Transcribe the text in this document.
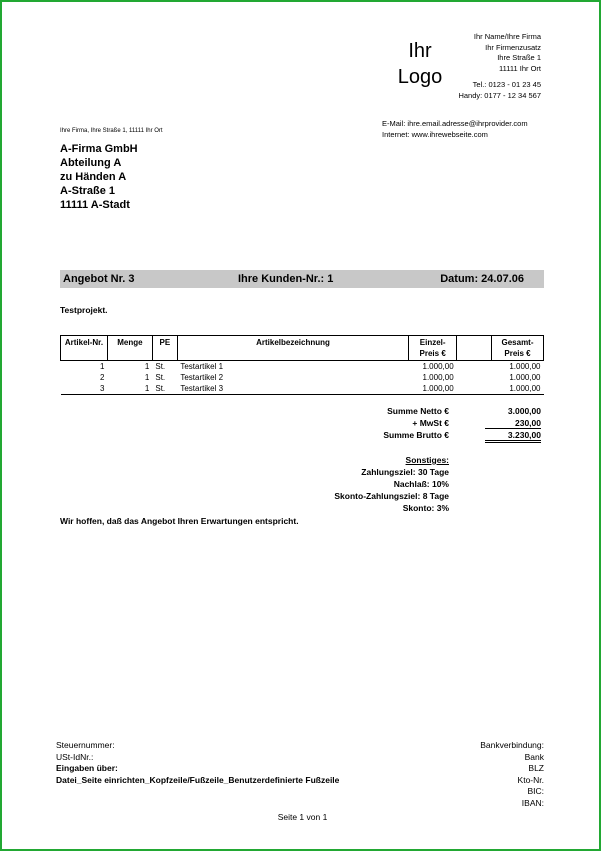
Ihr
Logo
Ihr Name/Ihre Firma
Ihr Firmenzusatz
Ihre Straße 1
11111 Ihr Ort
Tel.: 0123 - 01 23 45
Handy: 0177 - 12 34 567
E-Mail: ihre.email.adresse@ihrprovider.com
Internet: www.ihrewebseite.com
Ihre Firma, Ihre Straße 1, 11111 Ihr Ort
A-Firma GmbH
Abteilung A
zu Händen A
A-Straße 1
11111 A-Stadt
Angebot Nr. 3	Ihre Kunden-Nr.: 1	Datum: 24.07.06
Testprojekt.
Artikel-Nr.	Menge	PE	Artikelbezeichnung	Einzel-Preis €		Gesamt-Preis €
1	1	St.	Testartikel 1	1.000,00		1.000,00
2	1	St.	Testartikel 2	1.000,00		1.000,00
3	1	St.	Testartikel 3	1.000,00		1.000,00
Summe Netto €	3.000,00
+ MwSt €	230,00
Summe Brutto €	3.230,00
Sonstiges:
Zahlungsziel: 30 Tage
Nachlaß: 10%
Skonto-Zahlungsziel: 8 Tage
Skonto: 3%
Wir hoffen, daß das Angebot Ihren Erwartungen entspricht.
Steuernummer:
USt-IdNr.:
Eingaben über:
Datei_Seite einrichten_Kopfzeile/Fußzeile_Benutzerdefinierte Fußzeile
Bankverbindung:
Bank
BLZ
Kto-Nr.
BIC:
IBAN:
Seite 1 von 1
